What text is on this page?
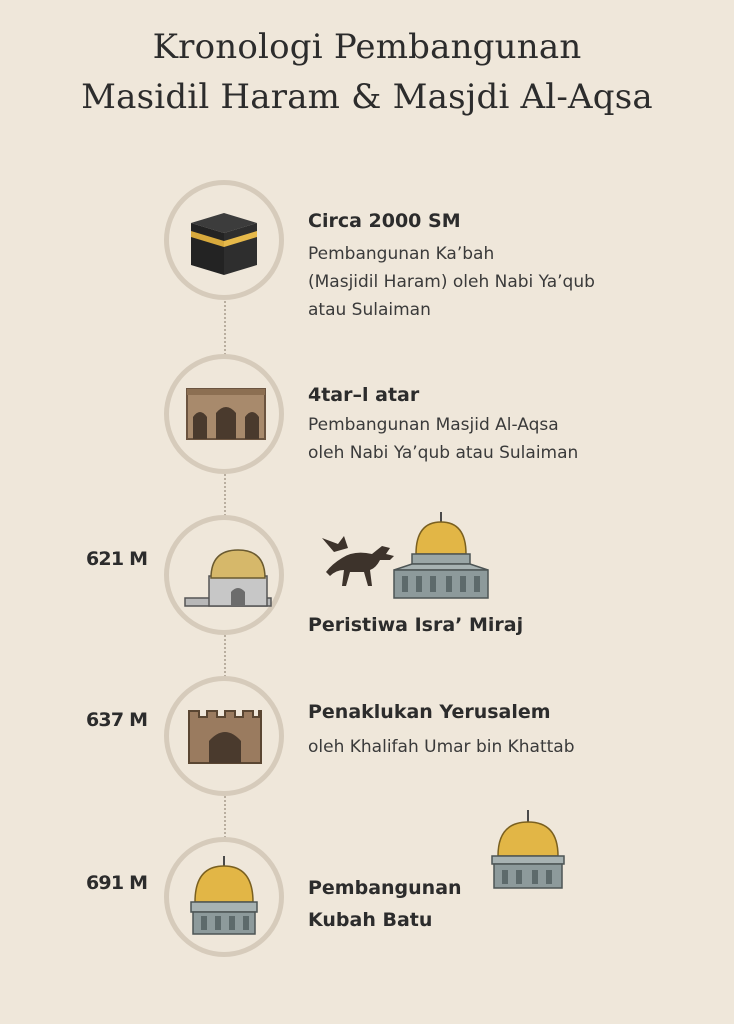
Kronologi Pembangunan
Masidil Haram & Masjdi Al-Aqsa
Circa 2000 SM
Pembangunan Ka’bah
(Masjidil Haram) oleh Nabi Ya’qub
atau Sulaiman
4tar–l atar
Pembangunan Masjid Al-Aqsa
oleh Nabi Ya’qub atau Sulaiman
621 M
Peristiwa Isra’ Miraj
637 M	Penaklukan Yerusalem
oleh Khalifah Umar bin Khattab
691 M	Pembangunan
Kubah Batu
